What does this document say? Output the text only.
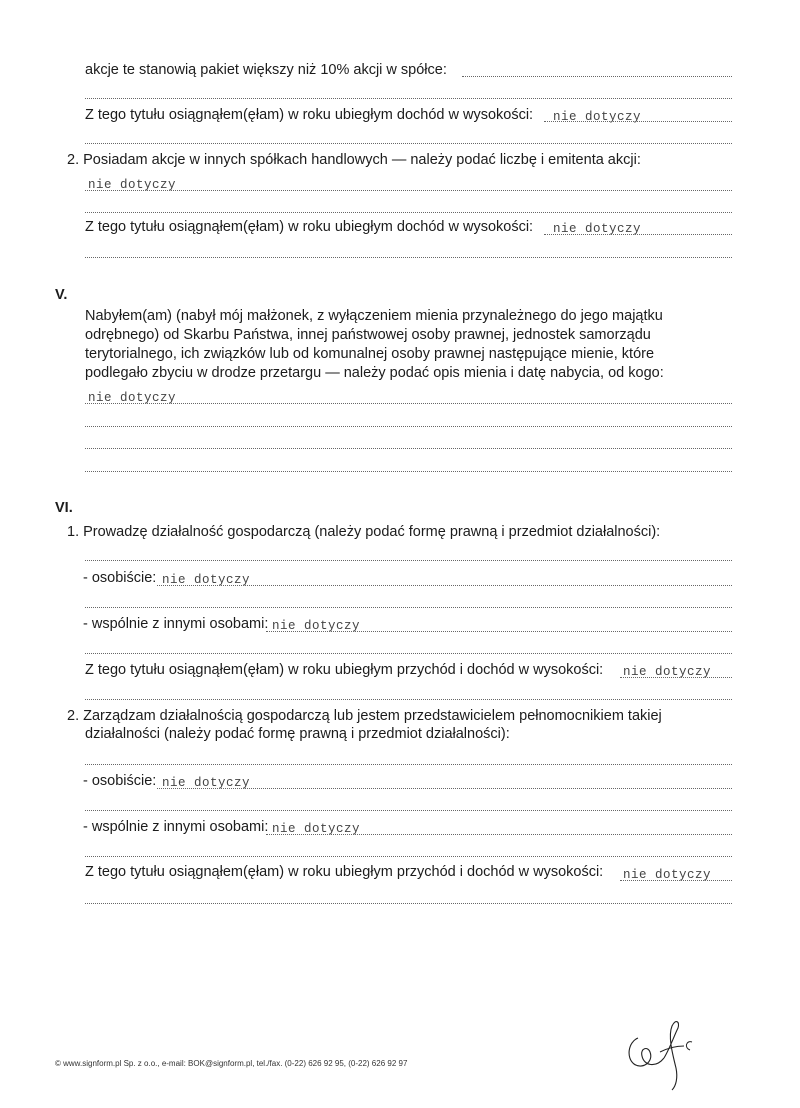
akcje te stanowią pakiet większy niż 10% akcji w spółce:
Z tego tytułu osiągnąłem(ęłam) w roku ubiegłym dochód w wysokości: nie dotyczy
2. Posiadam akcje w innych spółkach handlowych — należy podać liczbę i emitenta akcji:
nie dotyczy
Z tego tytułu osiągnąłem(ęłam) w roku ubiegłym dochód w wysokości: nie dotyczy
V.
Nabyłem(am) (nabył mój małżonek, z wyłączeniem mienia przynależnego do jego majątku
odrębnego) od Skarbu Państwa, innej państwowej osoby prawnej, jednostek samorządu
terytorialnego, ich związków lub od komunalnej osoby prawnej następujące mienie, które
podlegało zbyciu w drodze przetargu — należy podać opis mienia i datę nabycia, od kogo:
nie dotyczy
VI.
1. Prowadzę działalność gospodarczą (należy podać formę prawną i przedmiot działalności):
- osobiście: nie dotyczy
- wspólnie z innymi osobami: nie dotyczy
Z tego tytułu osiągnąłem(ęłam) w roku ubiegłym przychód i dochód w wysokości: nie dotyczy
2. Zarządzam działalnością gospodarczą lub jestem przedstawicielem pełnomocnikiem takiej
działalności (należy podać formę prawną i przedmiot działalności):
- osobiście: nie dotyczy
- wspólnie z innymi osobami: nie dotyczy
Z tego tytułu osiągnąłem(ęłam) w roku ubiegłym przychód i dochód w wysokości: nie dotyczy
© www.signform.pl Sp. z o.o., e-mail: BOK@signform.pl, tel./fax. (0-22) 626 92 95, (0-22) 626 92 97
